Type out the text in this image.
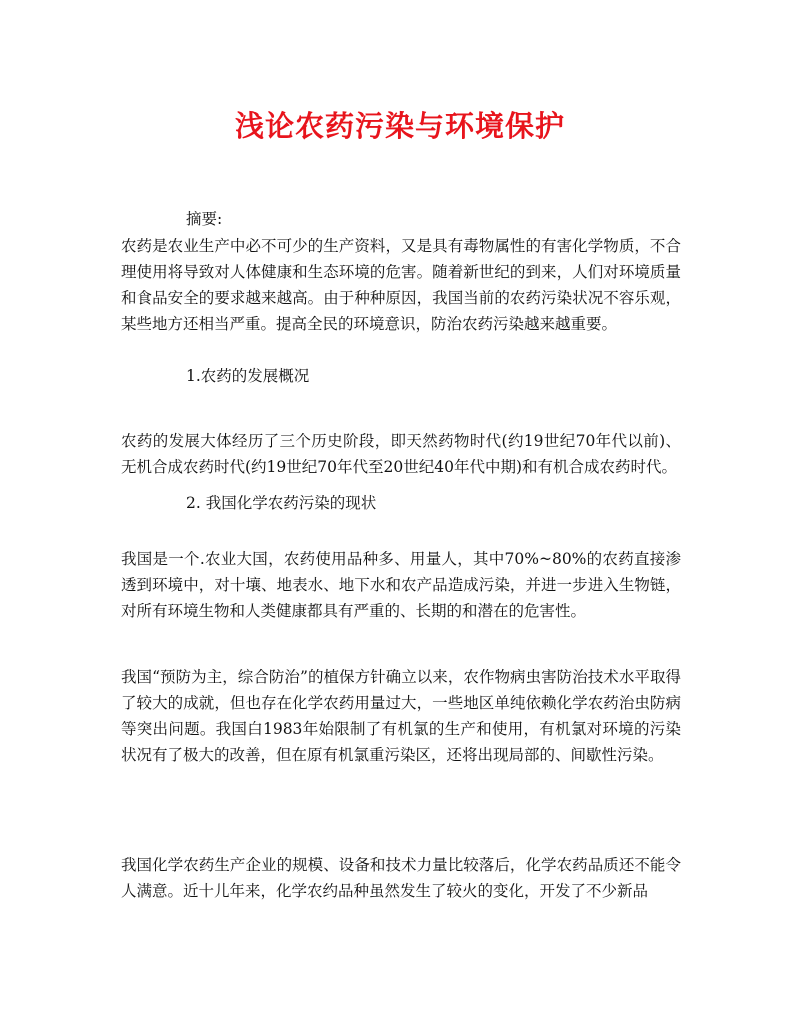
浅论农药污染与环境保护

摘要:

农药是农业生产中必不可少的生产资料，又是具有毒物属性的有害化学物质，不合理使用将导致对人体健康和生态环境的危害。随着新世纪的到来，人们对环境质量和食品安全的要求越来越高。由于种种原因，我国当前的农药污染状况不容乐观，某些地方还相当严重。提高全民的环境意识，防治农药污染越来越重要。

1.农药的发展概况

农药的发展大体经历了三个历史阶段，即天然药物时代(约19世纪70年代以前)、无机合成农药时代(约19世纪70年代至20世纪40年代中期)和有机合成农药时代。

2. 我国化学农药污染的现状

我国是一个.农业大国，农药使用品种多、用量人，其中70%~80%的农药直接渗透到环境中，对十壤、地表水、地下水和农产品造成污染，并进一步进入生物链，对所有环境生物和人类健康都具有严重的、长期的和潜在的危害性。

我国“预防为主，综合防治”的植保方针确立以来，农作物病虫害防治技术水平取得了较大的成就，但也存在化学农药用量过大，一些地区单纯依赖化学农药治虫防病等突出问题。我国白1983年始限制了有机氯的生产和使用，有机氯对环境的污染状况有了极大的改善，但在原有机氯重污染区，还将出现局部的、间歇性污染。

我国化学农药生产企业的规模、设备和技术力量比较落后，化学农药品质还不能令人满意。近十儿年来，化学农约品种虽然发生了较火的变化，开发了不少新品
